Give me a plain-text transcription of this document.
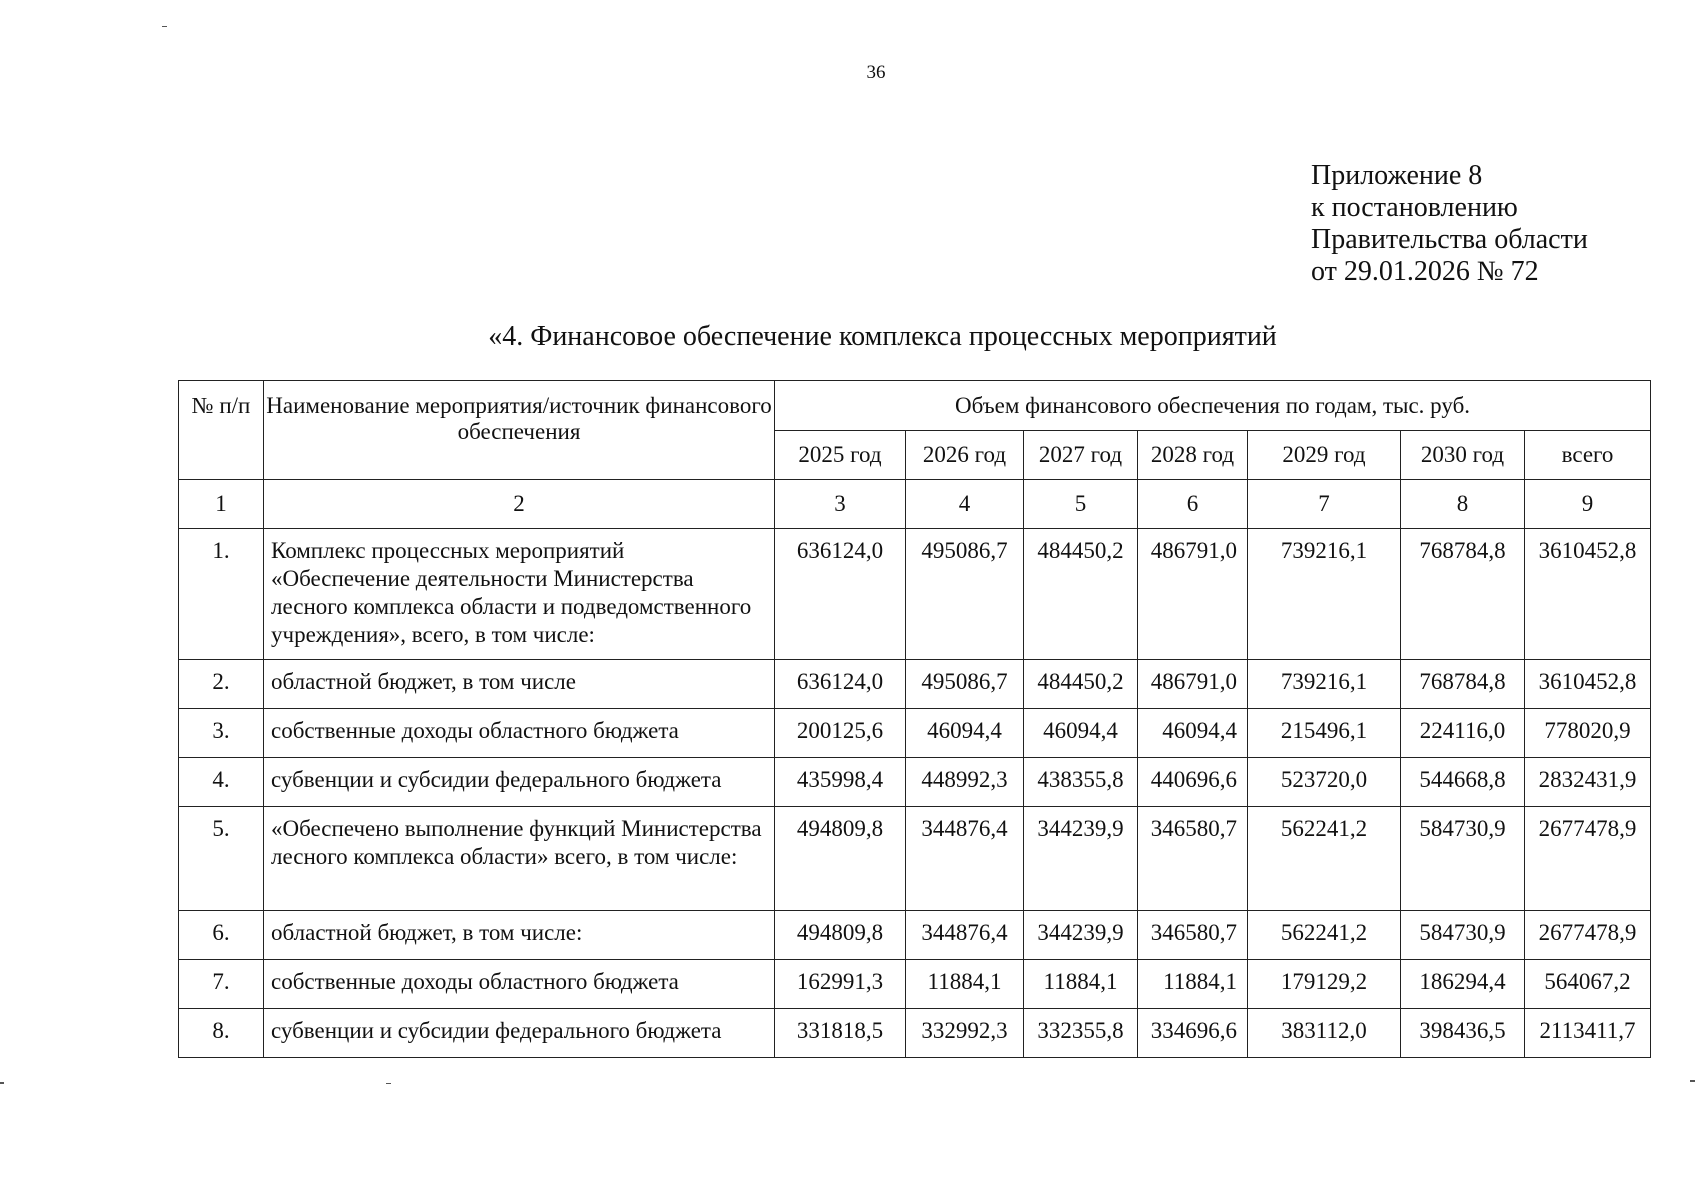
36
Приложение 8
к постановлению
Правительства области
от 29.01.2026 № 72
«4. Финансовое обеспечение комплекса процессных мероприятий
№ п/п	Наименование мероприятия/источник финансового обеспечения	Объем финансового обеспечения по годам, тыс. руб.						
		2025 год	2026 год	2027 год	2028 год	2029 год	2030 год	всего
1	2	3	4	5	6	7	8	9
1.	Комплекс процессных мероприятий «Обеспечение деятельности Министерства лесного комплекса области и подведомственного учреждения», всего, в том числе:	636124,0	495086,7	484450,2	486791,0	739216,1	768784,8	3610452,8
2.	областной бюджет, в том числе	636124,0	495086,7	484450,2	486791,0	739216,1	768784,8	3610452,8
3.	собственные доходы областного бюджета	200125,6	46094,4	46094,4	46094,4	215496,1	224116,0	778020,9
4.	субвенции и субсидии федерального бюджета	435998,4	448992,3	438355,8	440696,6	523720,0	544668,8	2832431,9
5.	«Обеспечено выполнение функций Министерства лесного комплекса области» всего, в том числе:	494809,8	344876,4	344239,9	346580,7	562241,2	584730,9	2677478,9
6.	областной бюджет, в том числе:	494809,8	344876,4	344239,9	346580,7	562241,2	584730,9	2677478,9
7.	собственные доходы областного бюджета	162991,3	11884,1	11884,1	11884,1	179129,2	186294,4	564067,2
8.	субвенции и субсидии федерального бюджета	331818,5	332992,3	332355,8	334696,6	383112,0	398436,5	2113411,7
